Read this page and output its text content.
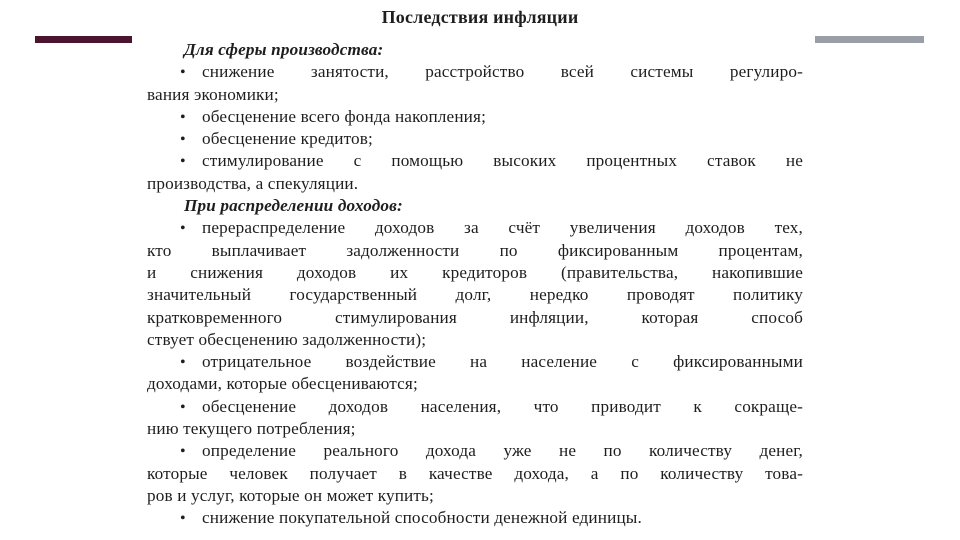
Последствия инфляции
Для сферы производства:
• снижение занятости, расстройство всей системы регулиро-
вания экономики;
• обесценение всего фонда накопления;
• обесценение кредитов;
• стимулирование с помощью высоких процентных ставок не
производства, а спекуляции.
При распределении доходов:
• перераспределение доходов за счёт увеличения доходов тех,
кто выплачивает задолженности по фиксированным процентам,
и снижения доходов их кредиторов (правительства, накопившие
значительный государственный долг, нередко проводят политику
кратковременного стимулирования инфляции, которая способ
ствует обесценению задолженности);
• отрицательное воздействие на население с фиксированными
доходами, которые обесцениваются;
• обесценение доходов населения, что приводит к сокраще-
нию текущего потребления;
• определение реального дохода уже не по количеству денег,
которые человек получает в качестве дохода, а по количеству това-
ров и услуг, которые он может купить;
• снижение покупательной способности денежной единицы.
